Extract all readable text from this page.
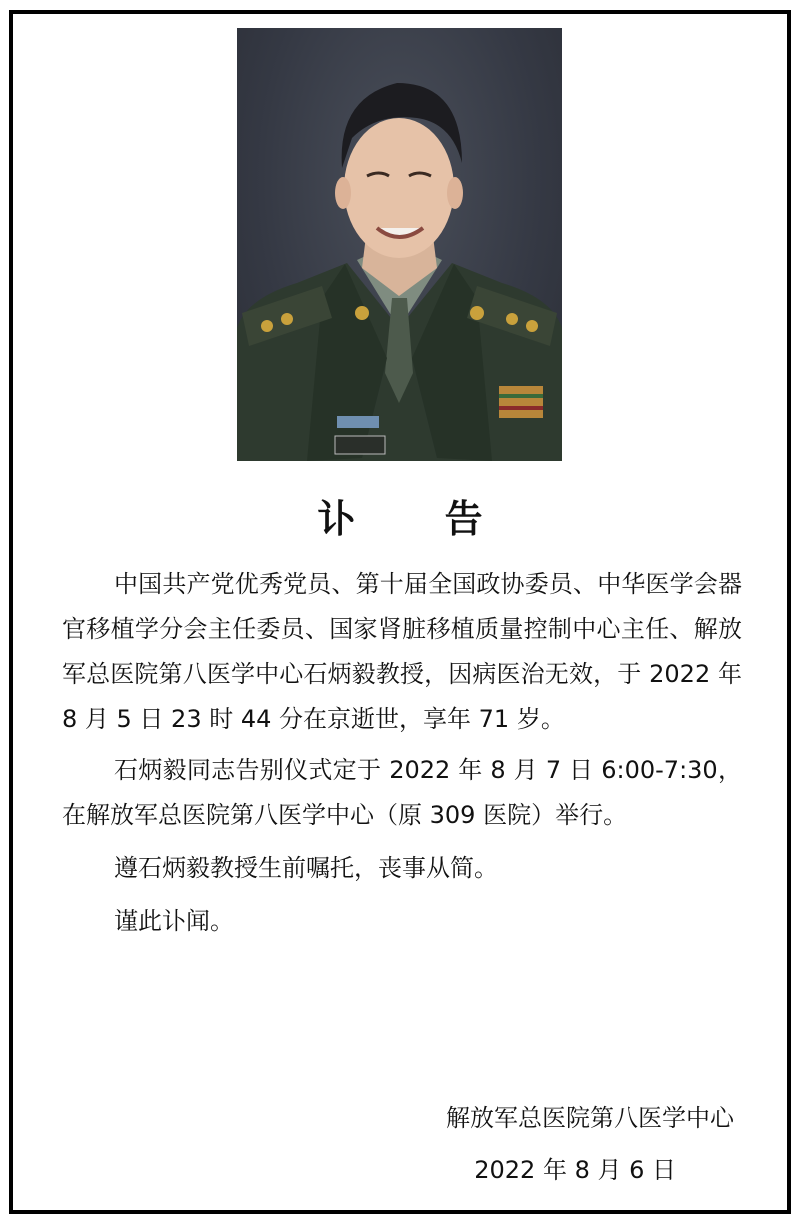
讣 告

中国共产党优秀党员、第十届全国政协委员、中华医学会器官移植学分会主任委员、国家肾脏移植质量控制中心主任、解放军总医院第八医学中心石炳毅教授，因病医治无效，于 2022 年 8 月 5 日 23 时 44 分在京逝世，享年 71 岁。

石炳毅同志告别仪式定于 2022 年 8 月 7 日 6:00-7:30，在解放军总医院第八医学中心（原 309 医院）举行。

遵石炳毅教授生前嘱托，丧事从简。

谨此讣闻。

解放军总医院第八医学中心
2022 年 8 月 6 日
